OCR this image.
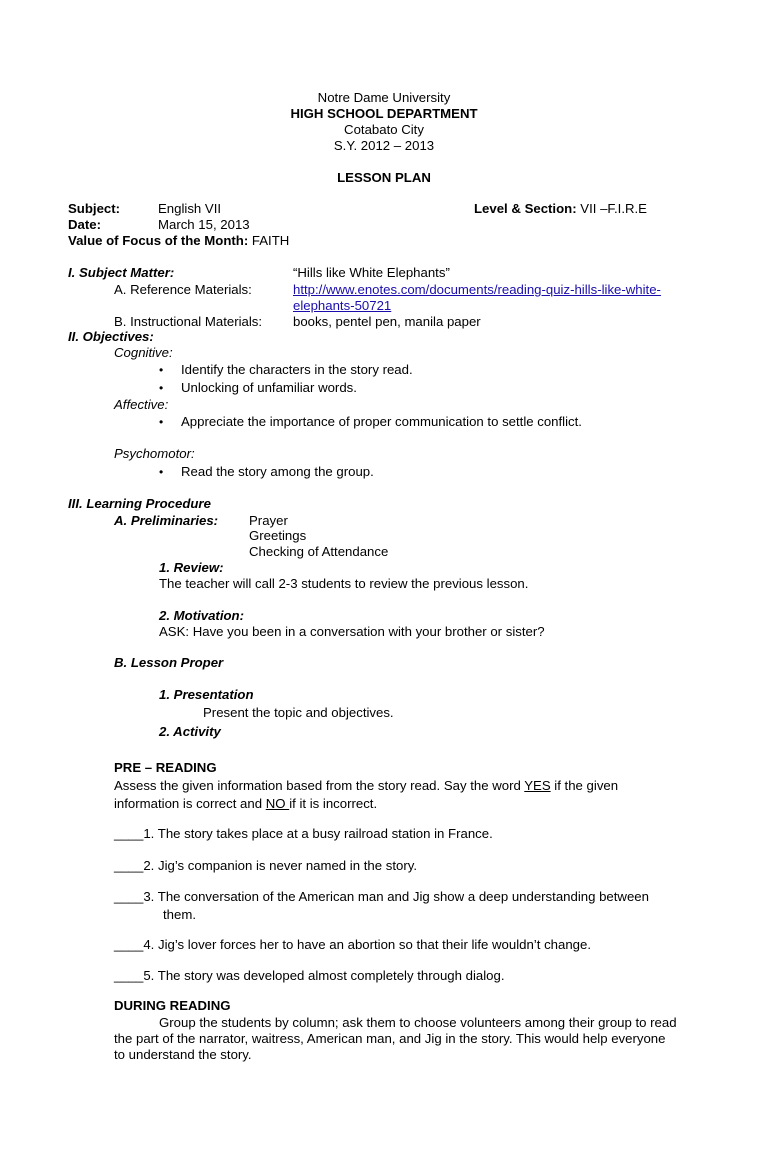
Notre Dame University
HIGH SCHOOL DEPARTMENT
Cotabato City
S.Y. 2012 – 2013
LESSON PLAN
Subject:	English VII	Level & Section: VII –F.I.R.E
Date:	March 15, 2013
Value of Focus of the Month: FAITH
I. Subject Matter:	“Hills like White Elephants”
A. Reference Materials:	http://www.enotes.com/documents/reading-quiz-hills-like-white-
elephants-50721
B. Instructional Materials: books, pentel pen, manila paper
II. Objectives:
Cognitive:
• Identify the characters in the story read.
• Unlocking of unfamiliar words.
Affective:
• Appreciate the importance of proper communication to settle conflict.
Psychomotor:
• Read the story among the group.
III. Learning Procedure
A. Preliminaries: Prayer
Greetings
Checking of Attendance
1. Review:
The teacher will call 2-3 students to review the previous lesson.
2. Motivation:
ASK: Have you been in a conversation with your brother or sister?
B. Lesson Proper
1. Presentation
Present the topic and objectives.
2. Activity
PRE – READING
Assess the given information based from the story read. Say the word YES if the given
information is correct and NO if it is incorrect.
____1. The story takes place at a busy railroad station in France.
____2. Jig’s companion is never named in the story.
____3. The conversation of the American man and Jig show a deep understanding between
them.
____4. Jig’s lover forces her to have an abortion so that their life wouldn’t change.
____5. The story was developed almost completely through dialog.
DURING READING
Group the students by column; ask them to choose volunteers among their group to read
the part of the narrator, waitress, American man, and Jig in the story. This would help everyone
to understand the story.
